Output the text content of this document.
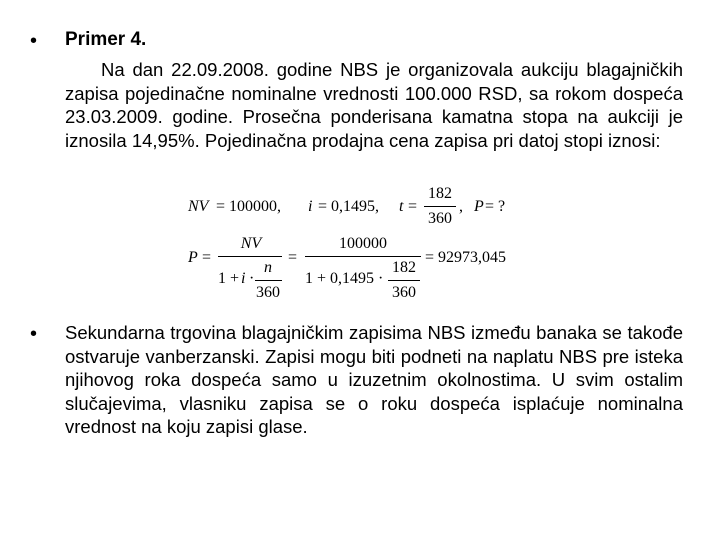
• Primer 4.
Na dan 22.09.2008. godine NBS je organizovala aukciju blagajničkih zapisa pojedinačne nominalne vrednosti 100.000 RSD, sa rokom dospeća 23.03.2009. godine. Prosečna ponderisana kamatna stopa na aukciji je iznosila 14,95%. Pojedinačna prodajna cena zapisa pri datoj stopi iznosi:
NV = 100000, i = 0,1495, t =
182
360
, P = ?
P =
NV
1 + i ·
n
360
=
100000
1 + 0,1495 ·
182
360
= 92973,045
• Sekundarna trgovina blagajničkim zapisima NBS između banaka se takođe ostvaruje vanberzanski. Zapisi mogu biti podneti na naplatu NBS pre isteka njihovog roka dospeća samo u izuzetnim okolnostima. U svim ostalim slučajevima, vlasniku zapisa se o roku dospeća isplaćuje nominalna vrednost na koju zapisi glase.
